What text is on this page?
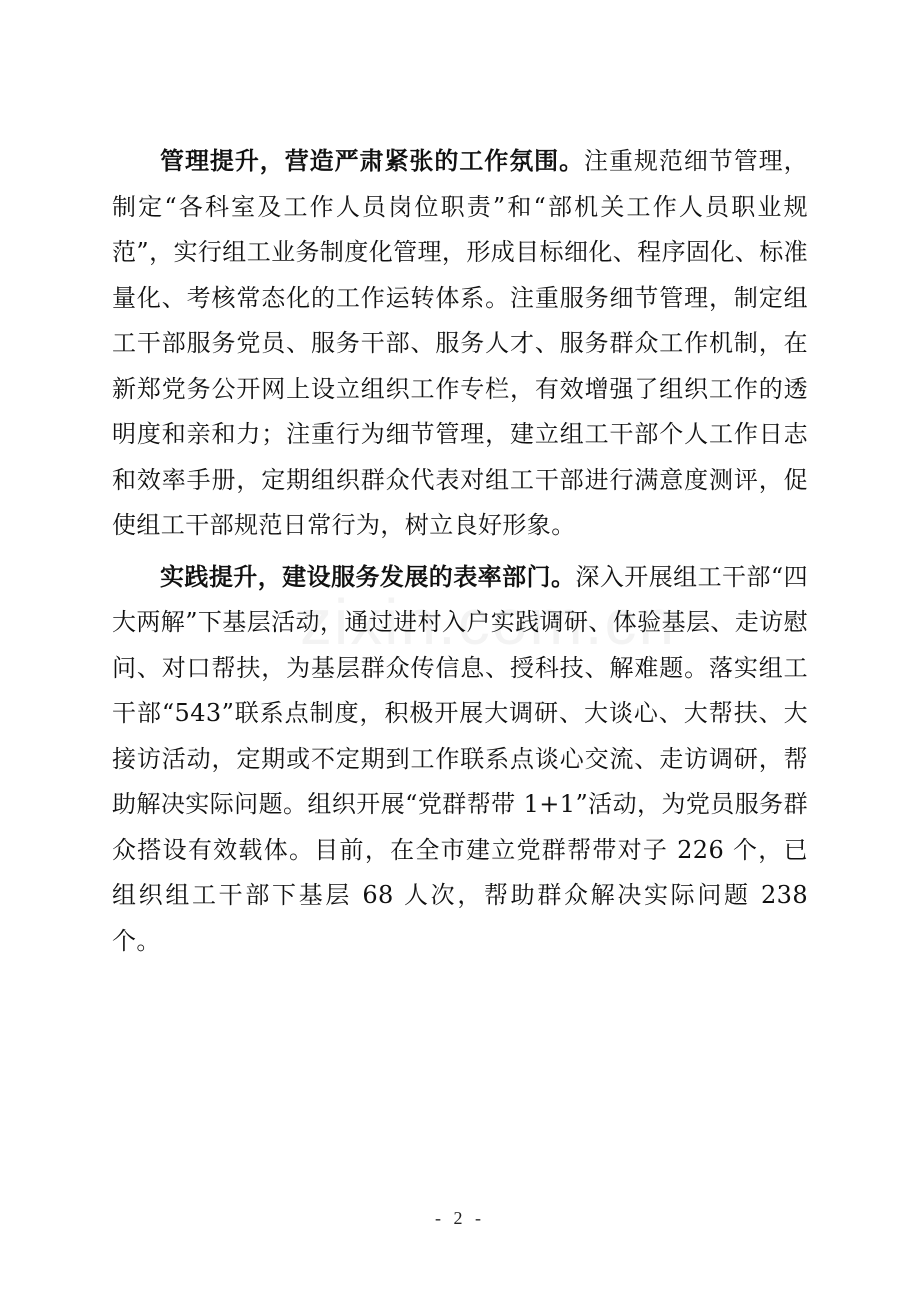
管理提升，营造严肃紧张的工作氛围。注重规范细节管理，制定“各科室及工作人员岗位职责”和“部机关工作人员职业规范”，实行组工业务制度化管理，形成目标细化、程序固化、标准量化、考核常态化的工作运转体系。注重服务细节管理，制定组工干部服务党员、服务干部、服务人才、服务群众工作机制，在新郑党务公开网上设立组织工作专栏，有效增强了组织工作的透明度和亲和力；注重行为细节管理，建立组工干部个人工作日志和效率手册，定期组织群众代表对组工干部进行满意度测评，促使组工干部规范日常行为，树立良好形象。

实践提升，建设服务发展的表率部门。深入开展组工干部“四大两解”下基层活动，通过进村入户实践调研、体验基层、走访慰问、对口帮扶，为基层群众传信息、授科技、解难题。落实组工干部“543”联系点制度，积极开展大调研、大谈心、大帮扶、大接访活动，定期或不定期到工作联系点谈心交流、走访调研，帮助解决实际问题。组织开展“党群帮带 1+1”活动，为党员服务群众搭设有效载体。目前，在全市建立党群帮带对子 226 个，已组织组工干部下基层 68 人次，帮助群众解决实际问题 238 个。

- 2 -
